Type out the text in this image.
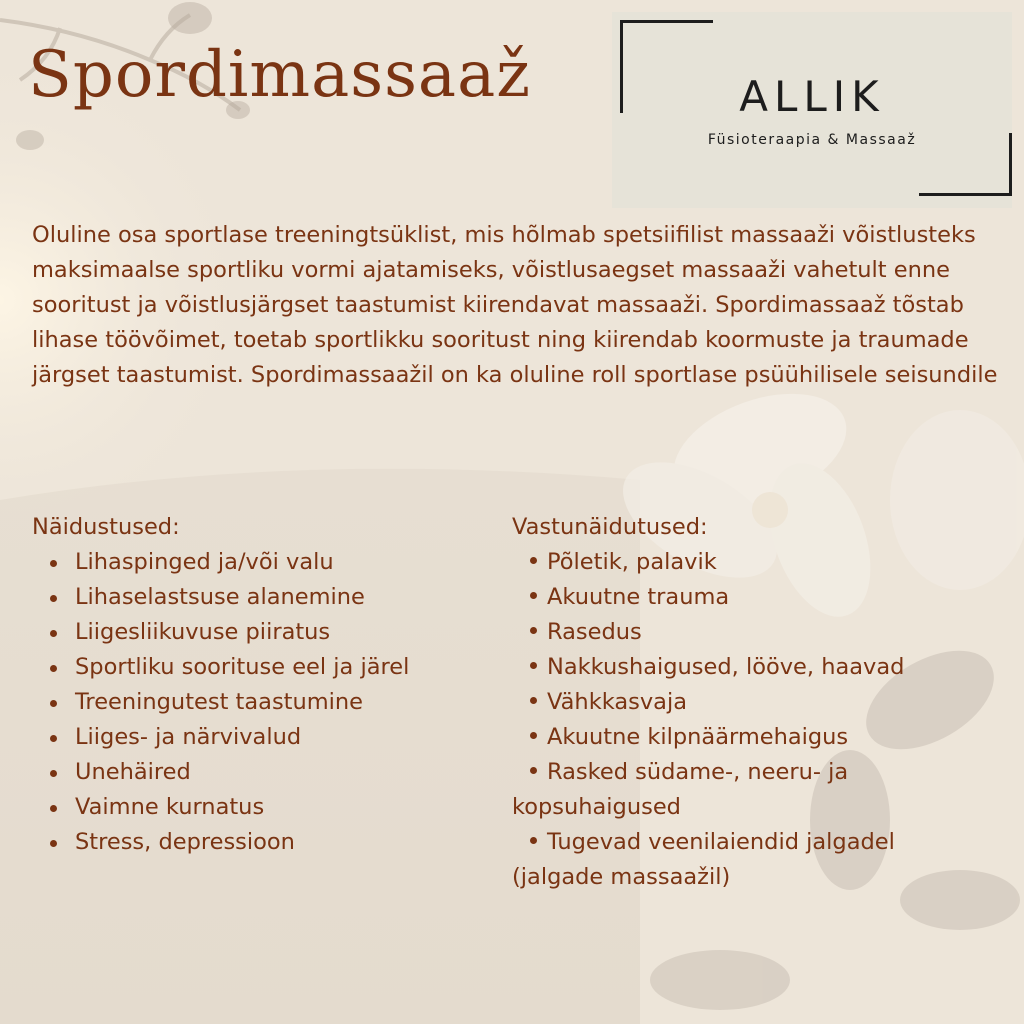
Spordimassaaž	ALLIK
Füsioteraapia & Massaaž

Oluline osa sportlase treeningtsüklist, mis hõlmab spetsiifilist massaaži võistlusteks maksimaalse sportliku vormi ajatamiseks, võistlusaegset massaaži vahetult enne sooritust ja võistlusjärgset taastumist kiirendavat massaaži. Spordimassaaž tõstab lihase töövõimet, toetab sportlikku sooritust ning kiirendab koormuste ja traumade järgset taastumist. Spordimassaažil on ka oluline roll sportlase psüühilisele seisundile

Näidustused:

Lihaspinged ja/või valu
Lihaselastsuse alanemine
Liigesliikuvuse piiratus
Sportliku soorituse eel ja järel
Treeningutest taastumine
Liiges- ja närvivalud
Unehäired
Vaimne kurnatus
Stress, depressioon

Vastunäidutused:

Põletik, palavik
Akuutne trauma
Rasedus
Nakkushaigused, lööve, haavad
Vähkkasvaja
Akuutne kilpnäärmehaigus
Rasked südame-, neeru- ja kopsuhaigused
Tugevad veenilaiendid jalgadel (jalgade massaažil)
